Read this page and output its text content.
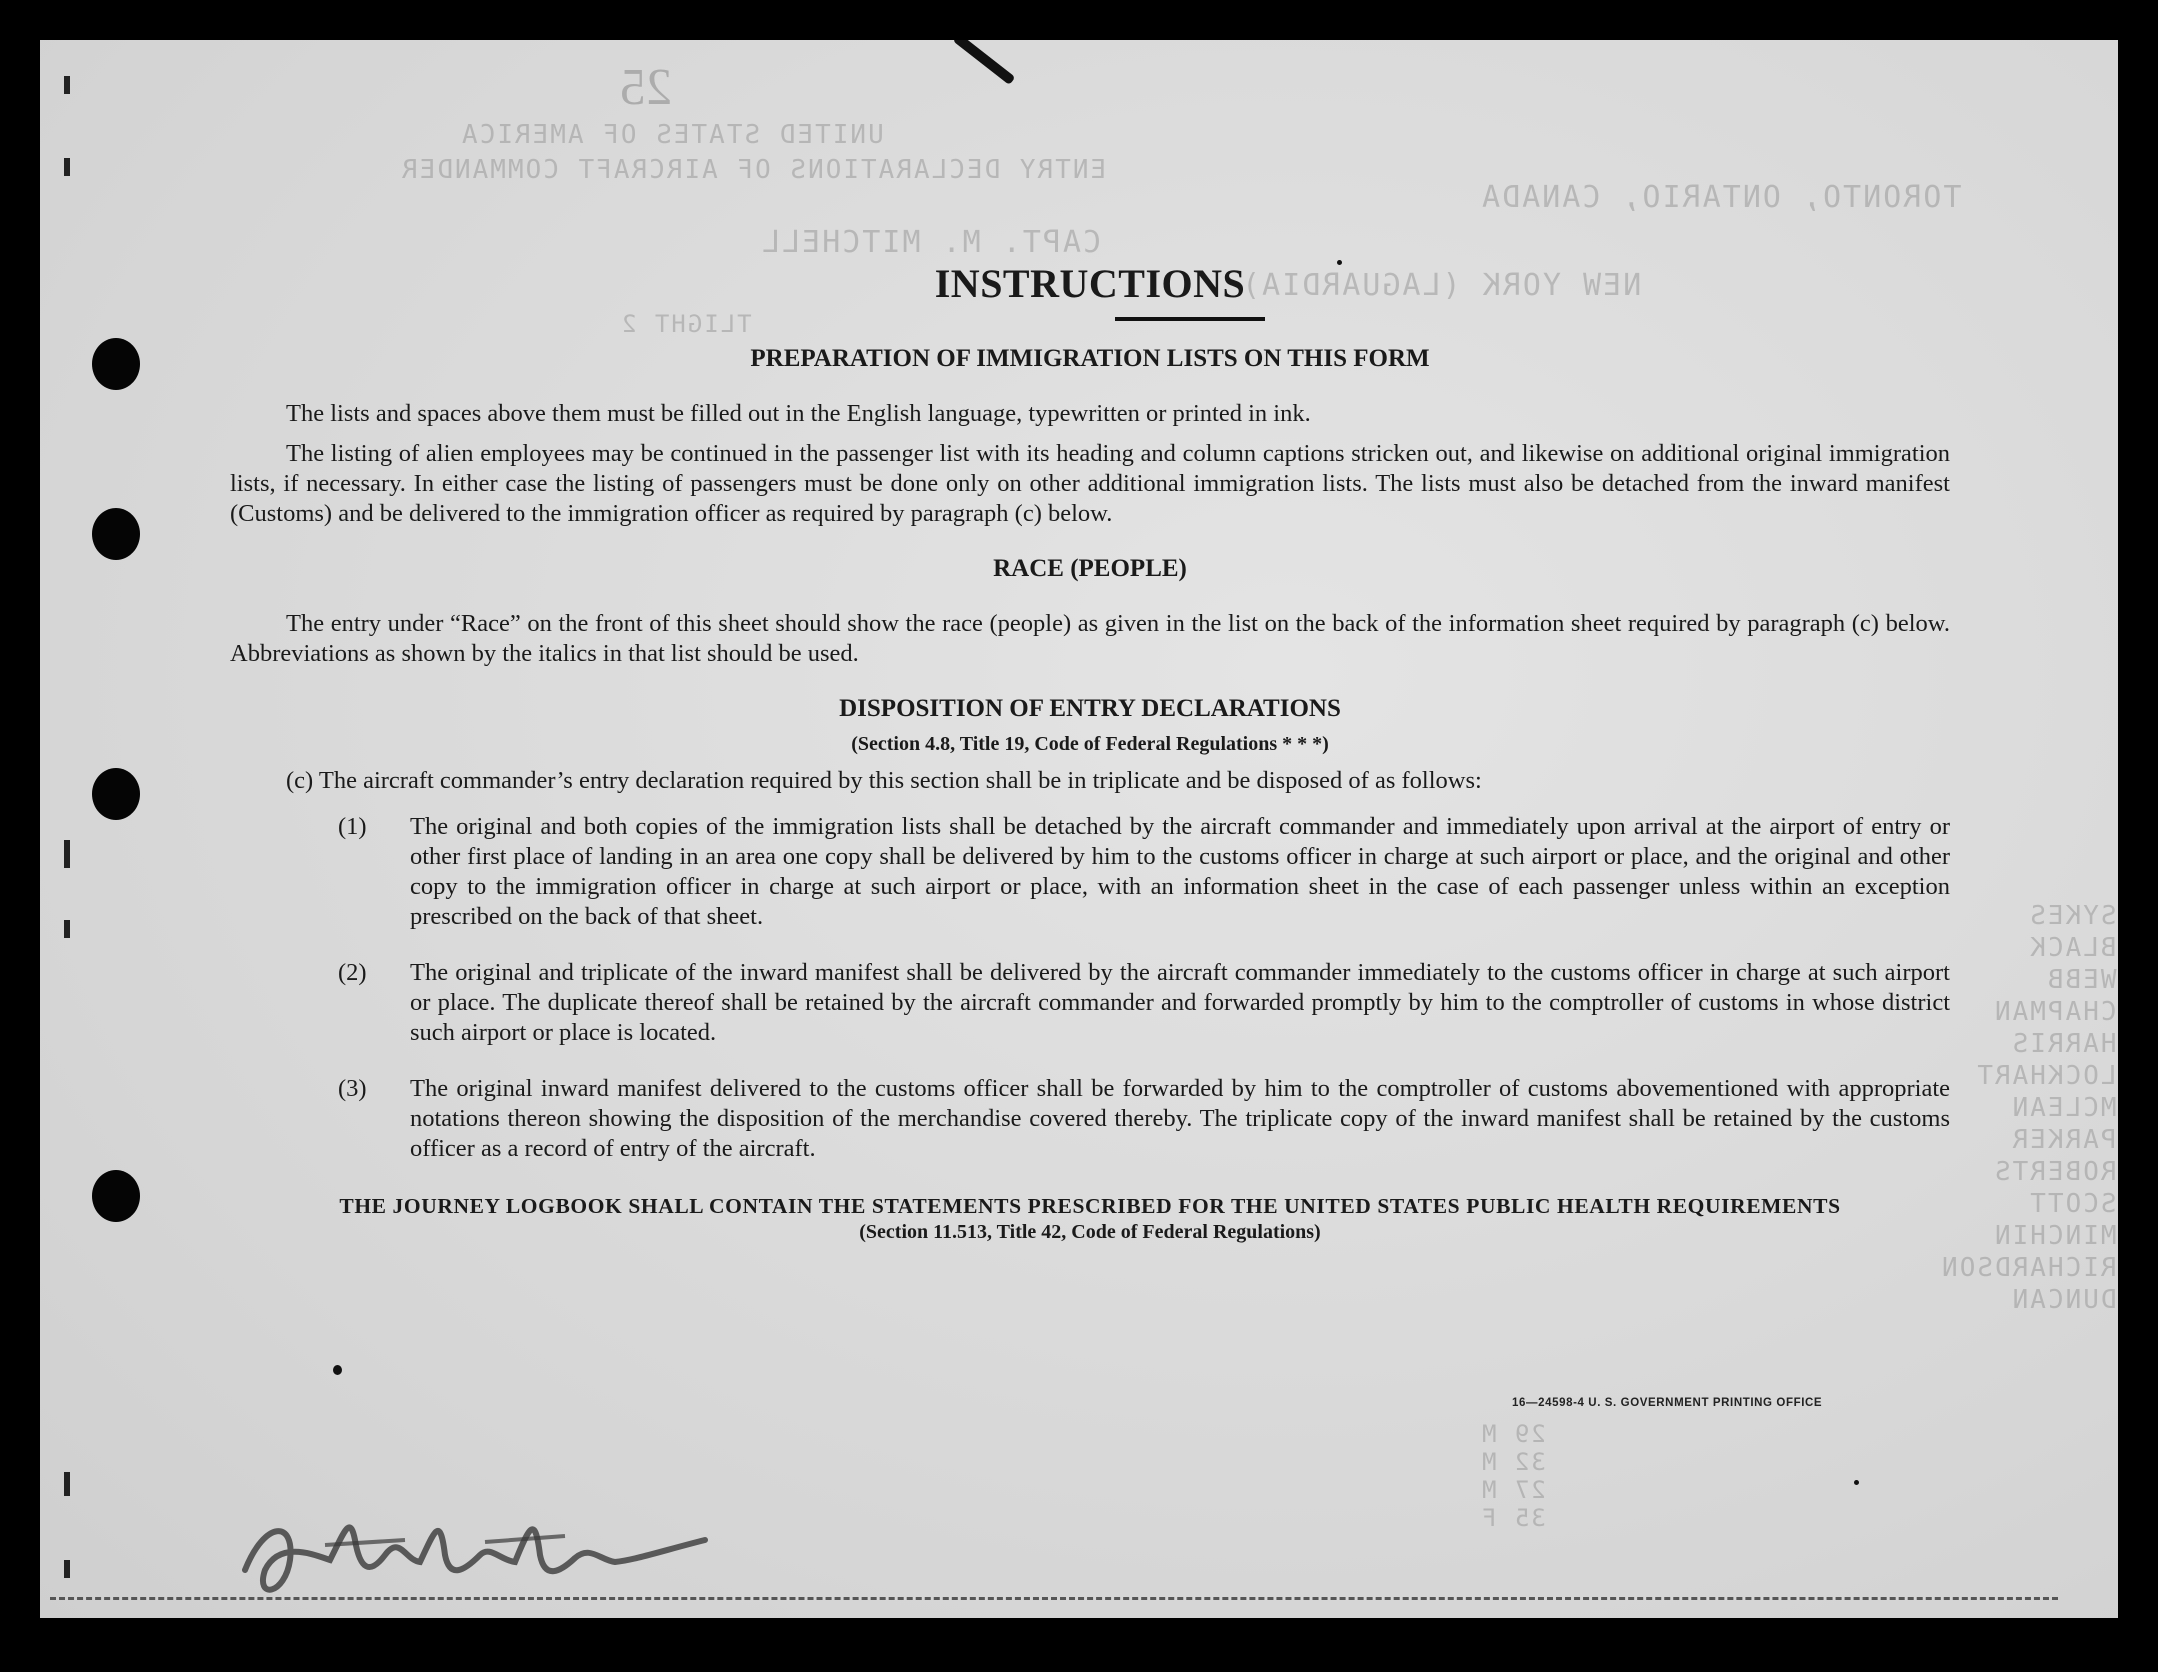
25
UNITED STATES OF AMERICA
ENTRY DECLARATIONS OF AIRCRAFT COMMANDER
TORONTO, ONTARIO, CANADA
CAPT. M. MITCHELL
NEW YORK (LAGUARDIA)
TLIGHT 2
SYKES
BLACK
WEBB
CHAPMAN
HARRIS
LOCKHART
MCLEAN
PARKER
ROBERTS
SCOTT
MINCHIN
RICHARDSON
DUNCAN
29 M
32 M
27 M
35 F
INSTRUCTIONS
PREPARATION OF IMMIGRATION LISTS ON THIS FORM

The lists and spaces above them must be filled out in the English language, typewritten or printed in ink.

The listing of alien employees may be continued in the passenger list with its heading and column captions stricken out, and likewise on additional original immigration lists, if necessary. In either case the listing of passengers must be done only on other additional immigration lists. The lists must also be detached from the inward manifest (Customs) and be delivered to the immigration officer as required by paragraph (c) below.

RACE (PEOPLE)

The entry under “Race” on the front of this sheet should show the race (people) as given in the list on the back of the information sheet required by paragraph (c) below. Abbreviations as shown by the italics in that list should be used.

DISPOSITION OF ENTRY DECLARATIONS
(Section 4.8, Title 19, Code of Federal Regulations * * *)

(c) The aircraft commander’s entry declaration required by this section shall be in triplicate and be disposed of as follows:

(1) The original and both copies of the immigration lists shall be detached by the aircraft commander and immediately upon arrival at the airport of entry or other first place of landing in an area one copy shall be delivered by him to the customs officer in charge at such airport or place, and the original and other copy to the immigration officer in charge at such airport or place, with an information sheet in the case of each passenger unless within an exception prescribed on the back of that sheet.
(2) The original and triplicate of the inward manifest shall be delivered by the aircraft commander immediately to the customs officer in charge at such airport or place. The duplicate thereof shall be retained by the aircraft commander and forwarded promptly by him to the comptroller of customs in whose district such airport or place is located.
(3) The original inward manifest delivered to the customs officer shall be forwarded by him to the comptroller of customs abovementioned with appropriate notations thereon showing the disposition of the merchandise covered thereby. The triplicate copy of the inward manifest shall be retained by the customs officer as a record of entry of the aircraft.
THE JOURNEY LOGBOOK SHALL CONTAIN THE STATEMENTS PRESCRIBED FOR THE UNITED STATES PUBLIC HEALTH REQUIREMENTS
(Section 11.513, Title 42, Code of Federal Regulations)
16—24598-4 U. S. GOVERNMENT PRINTING OFFICE
